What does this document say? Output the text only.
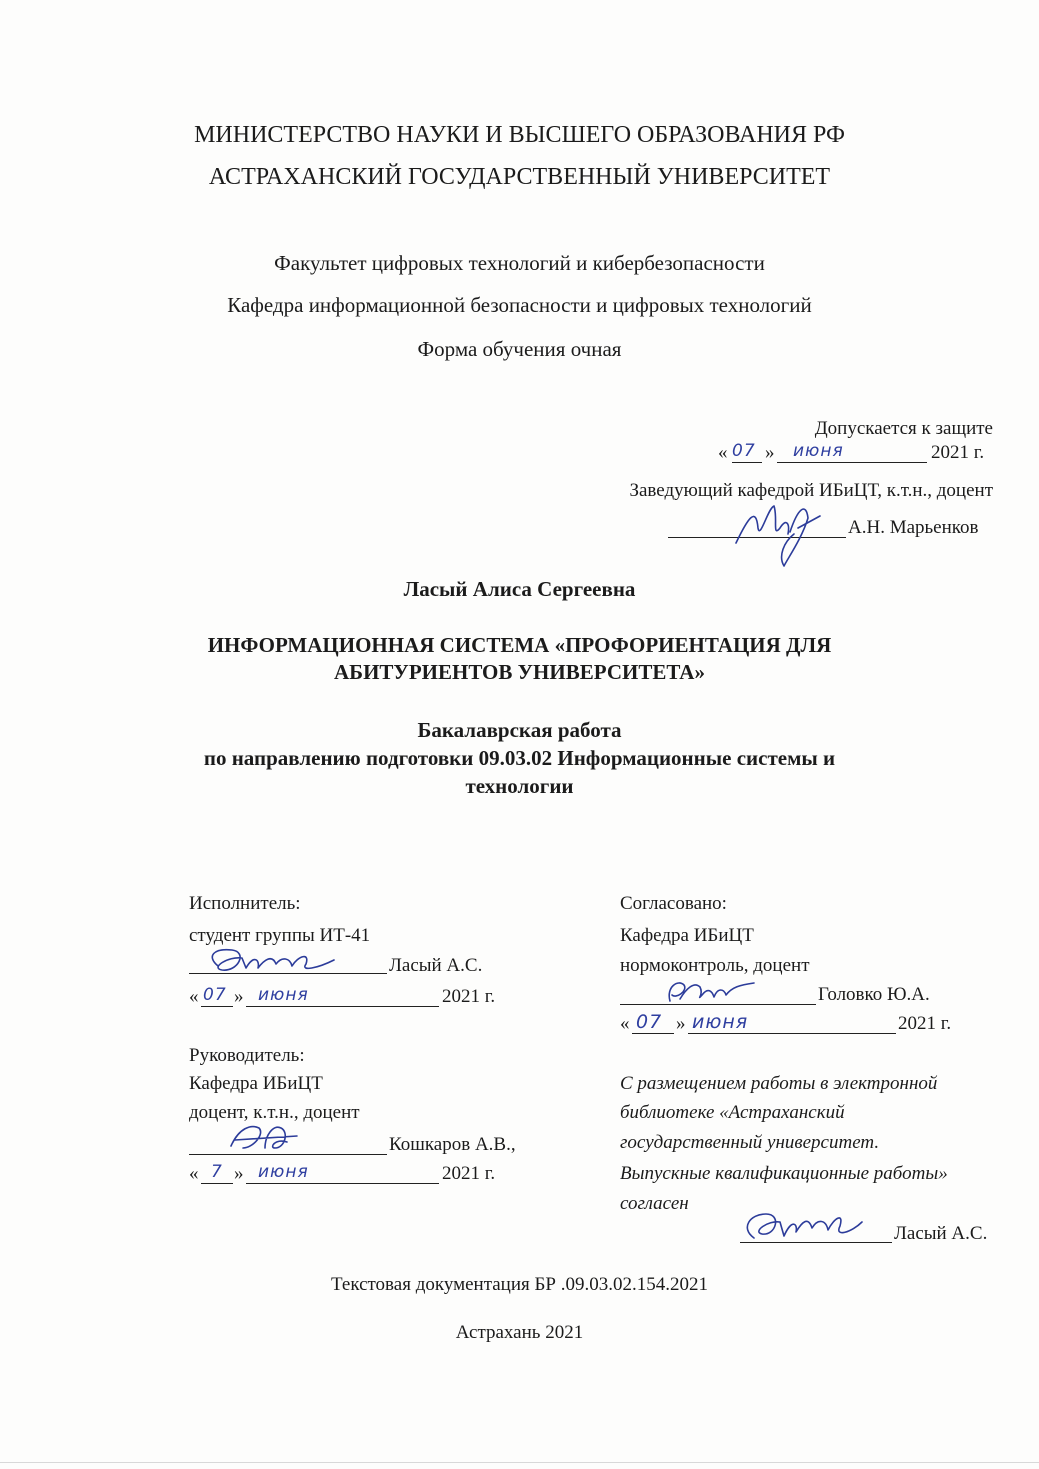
МИНИСТЕРСТВО НАУКИ И ВЫСШЕГО ОБРАЗОВАНИЯ РФ
АСТРАХАНСКИЙ ГОСУДАРСТВЕННЫЙ УНИВЕРСИТЕТ
Факультет цифровых технологий и кибербезопасности
Кафедра информационной безопасности и цифровых технологий
Форма обучения очная
Допускается к защите
« 07 » июня	2021 г.
Заведующий кафедрой ИБиЦТ, к.т.н., доцент
А.Н. Марьенков
Ласый Алиса Сергеевна
ИНФОРМАЦИОННАЯ СИСТЕМА «ПРОФОРИЕНТАЦИЯ ДЛЯ
АБИТУРИЕНТОВ УНИВЕРСИТЕТА»
Бакалаврская работа
по направлению подготовки 09.03.02 Информационные системы и
технологии
Исполнитель:
студент группы ИТ-41
Ласый А.С.
« 07 » июня	2021 г.
Руководитель:
Кафедра ИБиЦТ
доцент, к.т.н., доцент
Кошкаров А.В.,
« 7 » июня	2021 г.
Согласовано:
Кафедра ИБиЦТ
нормоконтроль, доцент
Головко Ю.А.
« 07 » июня	2021 г.
С размещением работы в электронной
библиотеке «Астраханский
государственный университет.
Выпускные квалификационные работы»
согласен
Ласый А.С.
Текстовая документация БР .09.03.02.154.2021
Астрахань 2021
